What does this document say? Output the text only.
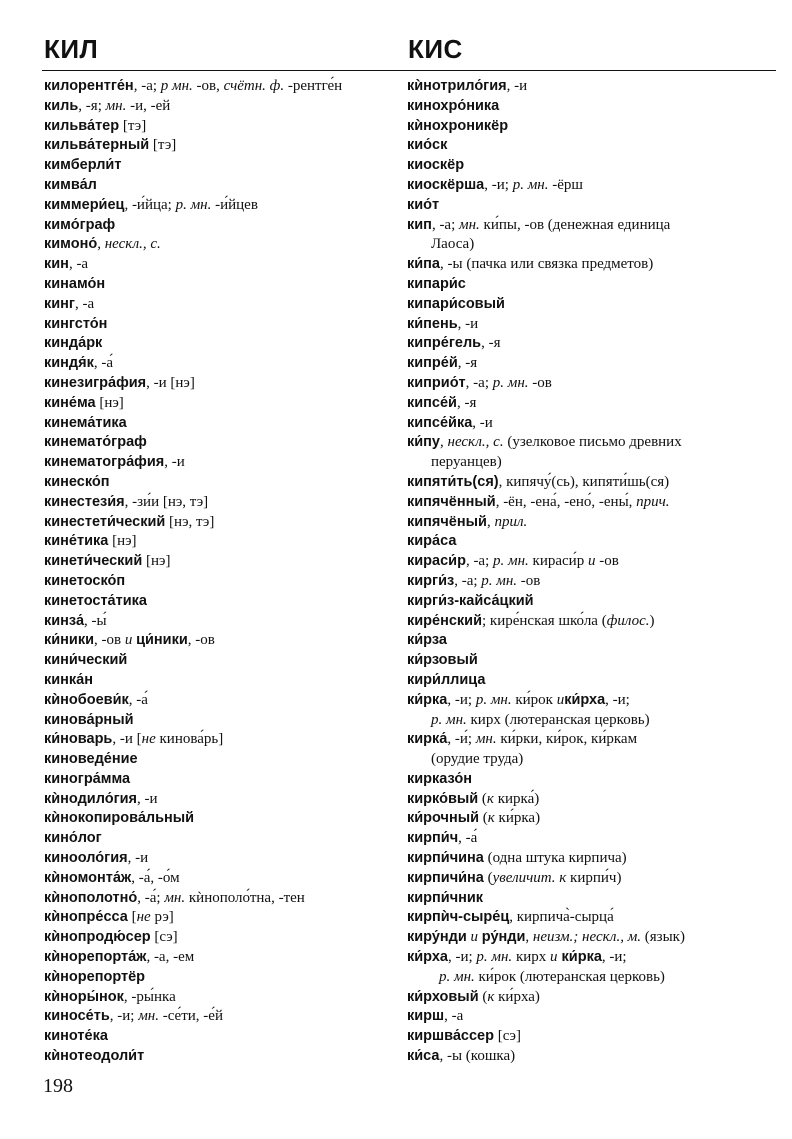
КИЛ	КИС
килорентге́н, -а; р мн. -ов, счётн. ф. -рентге́н
киль, -я; мн. -и, -ей
кильва́тер [тэ]
кильва́терный [тэ]
кимберли́т
кимва́л
киммери́ец, -и́йца; р. мн. -и́йцев
кимо́граф
кимоно́, нескл., с.
кин, -а
кинамо́н
кинг, -а
кингсто́н
кинда́рк
киндя́к, -а́
кинезигра́фия, -и [нэ]
кине́ма [нэ]
кинема́тика
кинемато́граф
кинематогра́фия, -и
кинеско́п
кинестези́я, -зи́и [нэ, тэ]
кинестети́ческий [нэ, тэ]
кине́тика [нэ]
кинети́ческий [нэ]
кинетоско́п
кинетоста́тика
кинза́, -ы́
ки́ники, -ов и ци́ники, -ов
кини́ческий
кинка́н
кѝнобоеви́к, -а́
кинова́рный
ки́новарь, -и [не кинова́рь]
киноведе́ние
киногра́мма
кѝнодило́гия, -и
кѝнокопирова́льный
кино́лог
кинооло́гия, -и
кѝномонта́ж, -а́, -о́м
кѝнополотно́, -а́; мн. кѝнополо́тна, -тен
кѝнопре́сса [не рэ]
кѝнопродю́сер [сэ]
кѝнорепорта́ж, -а, -ем
кѝнорепортёр
кѝноры́нок, -ры́нка
киносе́ть, -и; мн. -се́ти, -е́й
киноте́ка
кѝнотеодоли́т
кѝнотрило́гия, -и
кинохро́ника
кѝнохроникёр
кио́ск
киоскёр
киоскёрша, -и; р. мн. -ёрш
кио́т
кип, -а; мн. ки́пы, -ов (денежная единица
Лаоса)
ки́па, -ы (пачка или связка предметов)
кипари́с
кипари́совый
ки́пень, -и
кипре́гель, -я
кипре́й, -я
киприо́т, -а; р. мн. -ов
кипсе́й, -я
кипсе́йка, -и
ки́пу, нескл., с. (узелковое письмо древних
перуанцев)
кипяти́ть(ся), кипячу́(сь), кипяти́шь(ся)
кипячённый, -ён, -ена́, -ено́, -ены́, прич.
кипячёный, прил.
кира́са
кираси́р, -а; р. мн. кираси́р и -ов
кирги́з, -а; р. мн. -ов
кирги́з-кайса́цкий
кире́нский; кире́нская шко́ла (филос.)
ки́рза
ки́рзовый
кири́ллица
ки́рка, -и; р. мн. ки́рок ики́рха, -и;
р. мн. кирх (лютеранская церковь)
кирка́, -и́; мн. ки́рки, ки́рок, ки́ркам
(орудие труда)
кирказо́н
кирко́вый (к кирка́)
ки́рочный (к ки́рка)
кирпи́ч, -а́
кирпи́чина (одна штука кирпича)
кирпичи́на (увеличит. к кирпи́ч)
кирпи́чник
кирпѝч-сыре́ц, кирпича̀-сырца́
киру́нди и ру́нди, неизм.; нескл., м. (язык)
ки́рха, -и; р. мн. кирх и ки́рка, -и;
р. мн. ки́рок (лютеранская церковь)
ки́рховый (к ки́рха)
кирш, -а
киршва́ссер [сэ]
ки́са, -ы (кошка)
198
